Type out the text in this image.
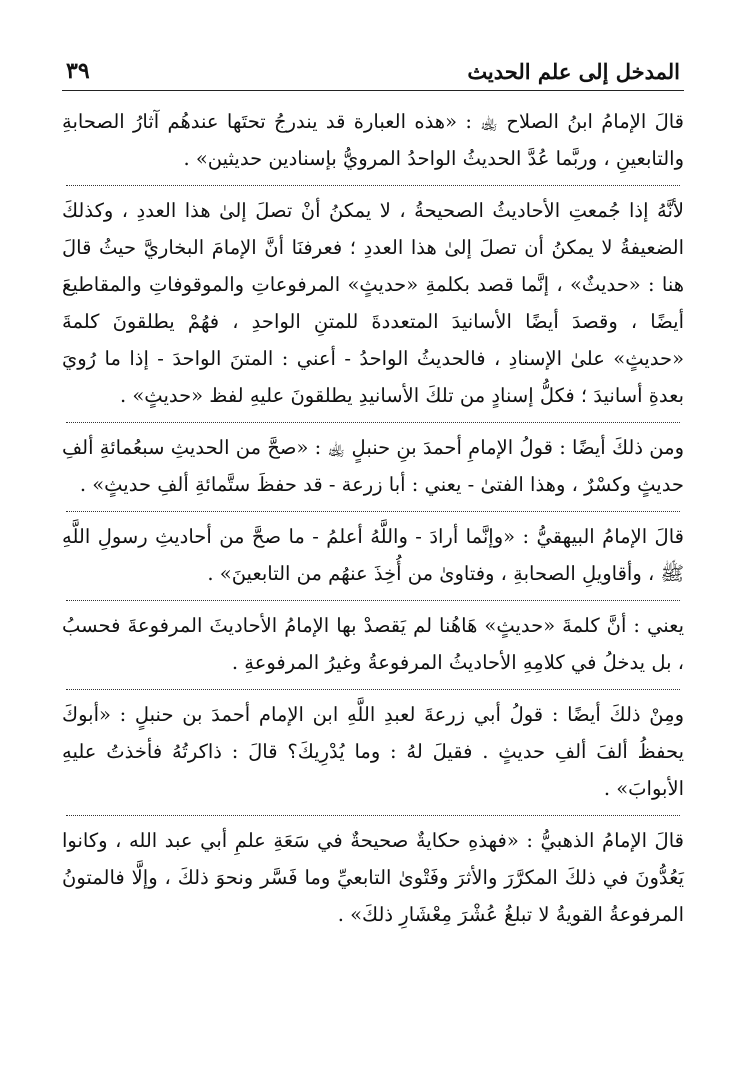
المدخل إلى علم الحديث
٣٩

قالَ الإمامُ ابنُ الصلاح ﵀ : «هذه العبارة قد يندرجُ تحتَها عندهُم آثارُ الصحابةِ والتابعينِ ، وربَّما عُدَّ الحديثُ الواحدُ المرويُّ بإسنادين حديثين» .

لأنَّهُ إذا جُمعتِ الأحاديثُ الصحيحةُ ، لا يمكنُ أنْ تصلَ إلىٰ هذا العددِ ، وكذلكَ الضعيفةُ لا يمكنُ أن تصلَ إلىٰ هذا العددِ ؛ فعرفنَا أنَّ الإمامَ البخاريَّ حيثُ قالَ هنا : «حديثٌ» ، إنَّما قصد بكلمةِ «حديثٍ» المرفوعاتِ والموقوفاتِ والمقاطيعَ أيضًا ، وقصدَ أيضًا الأسانيدَ المتعددةَ للمتنِ الواحدِ ، فهُمْ يطلقونَ كلمةَ «حديثٍ» علىٰ الإسنادِ ، فالحديثُ الواحدُ - أعني : المتنَ الواحدَ - إذا ما رُويَ بعدةِ أسانيدَ ؛ فكلُّ إسنادٍ من تلكَ الأسانيدِ يطلقونَ عليهِ لفظ «حديثٍ» .

ومن ذلكَ أيضًا : قولُ الإمامِ أحمدَ بنِ حنبلٍ ﵀ : «صحَّ من الحديثِ سبعُمائةِ ألفِ حديثٍ وكسْرٌ ، وهذا الفتىٰ - يعني : أبا زرعة - قد حفظَ ستَّمائةِ ألفِ حديثٍ» .

قالَ الإمامُ البيهقيُّ : «وإنَّما أرادَ - واللَّهُ أعلمُ - ما صحَّ من أحاديثِ رسولِ اللَّهِ ﷺ ، وأقاويلِ الصحابةِ ، وفتاوىٰ من أُخِذَ عنهُم من التابعينَ» .

يعني : أنَّ كلمةَ «حديثٍ» هَاهُنا لم يَقصدْ بها الإمامُ الأحاديثَ المرفوعةَ فحسبُ ، بل يدخلُ في كلامِهِ الأحاديثُ المرفوعةُ وغيرُ المرفوعةِ .

ومِنْ ذلكَ أيضًا : قولُ أبي زرعةَ لعبدِ اللَّهِ ابن الإمام أحمدَ بن حنبلٍ : «أبوكَ يحفظُ ألفَ ألفِ حديثٍ . فقيلَ لهُ : وما يُدْرِيكَ؟ قالَ : ذاكرتُهُ فأخذتُ عليهِ الأبوابَ» .

قالَ الإمامُ الذهبيُّ : «فهذهِ حكايةٌ صحيحةٌ في سَعَةِ علمِ أبي عبد الله ، وكانوا يَعُدُّونَ في ذلكَ المكرَّرَ والأثرَ وفَتْوىٰ التابعيِّ وما فَسَّر ونحوَ ذلكَ ، وإلَّا فالمتونُ المرفوعةُ القويةُ لا تبلغُ عُشْرَ مِعْشَارِ ذلكَ» .
